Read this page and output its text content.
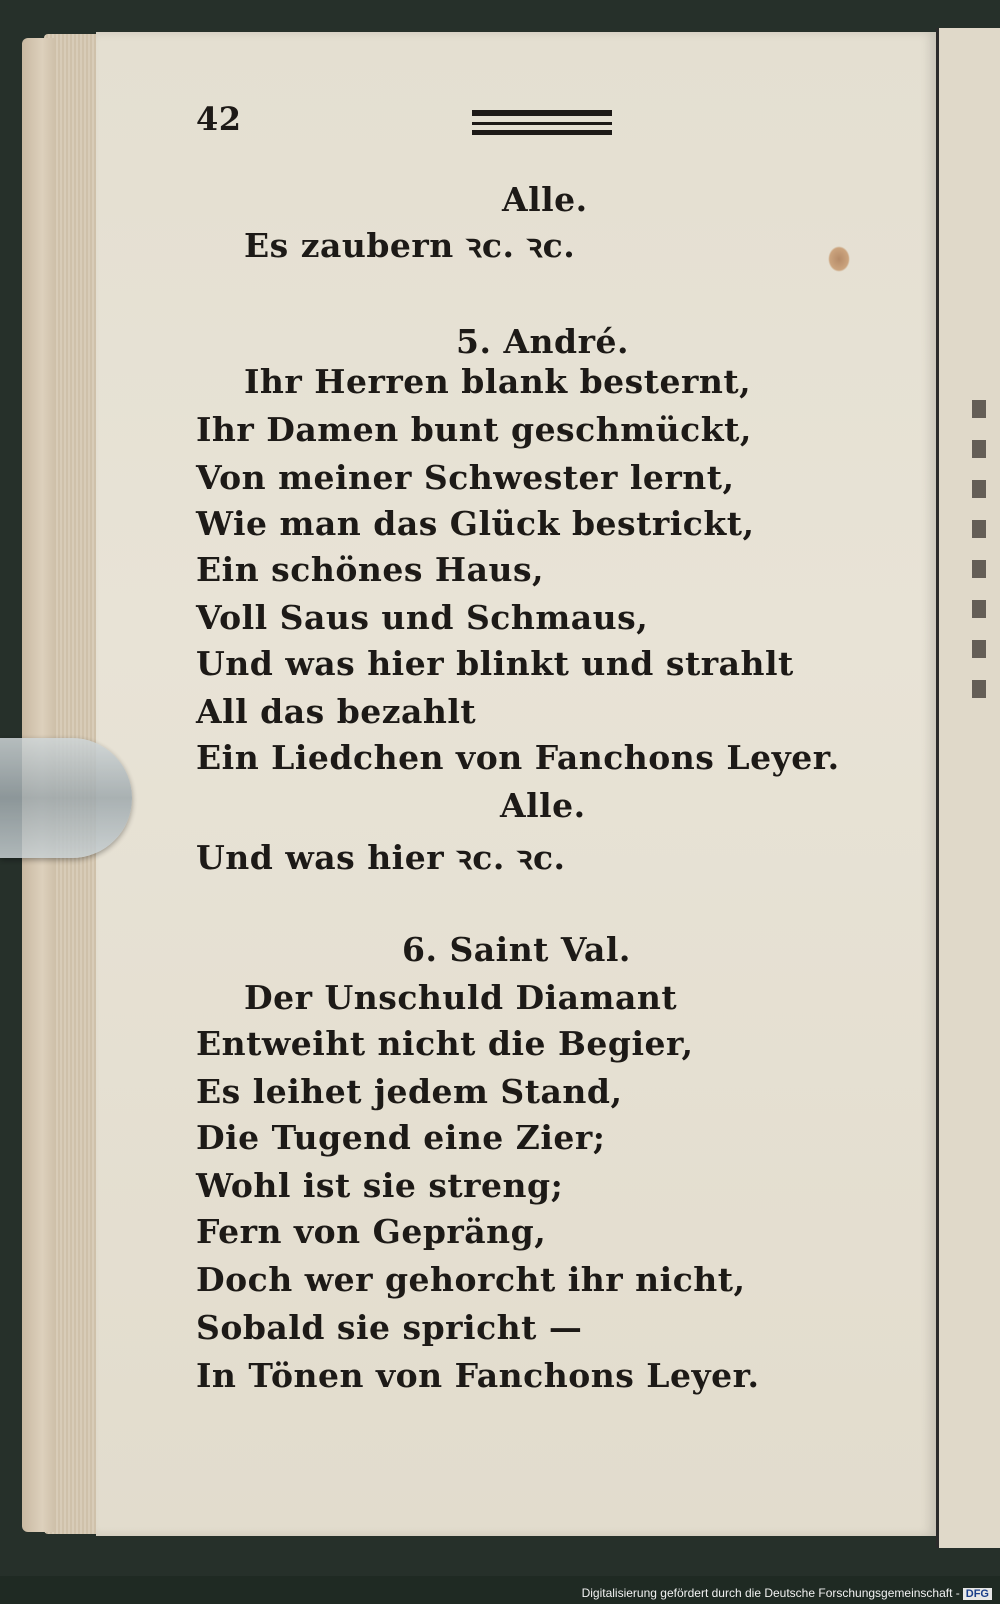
42
Alle.
Es zaubern ꝛc. ꝛc.
5. André.
Ihr Herren blank besternt,
Ihr Damen bunt geschmückt,
Von meiner Schwester lernt,
Wie man das Glück bestrickt,
Ein schönes Haus,
Voll Saus und Schmaus,
Und was hier blinkt und strahlt
All das bezahlt
Ein Liedchen von Fanchons Leyer.
Alle.
Und was hier ꝛc. ꝛc.
6. Saint Val.
Der Unschuld Diamant
Entweiht nicht die Begier,
Es leihet jedem Stand,
Die Tugend eine Zier;
Wohl ist sie streng;
Fern von Gepräng,
Doch wer gehorcht ihr nicht,
Sobald sie spricht —
In Tönen von Fanchons Leyer.
Digitalisierung gefördert durch die Deutsche Forschungsgemeinschaft - DFG
